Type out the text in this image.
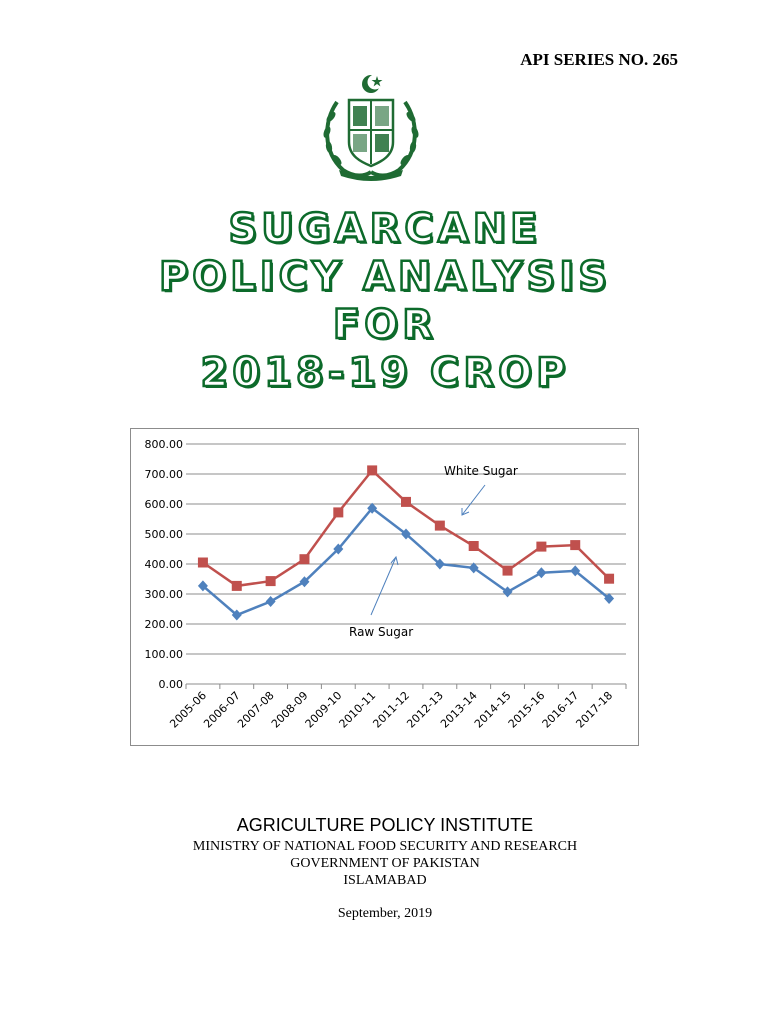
API SERIES NO. 265
SUGARCANE
POLICY ANALYSIS
FOR
2018-19 CROP
0.00
100.00
200.00
300.00
400.00
500.00
600.00
700.00
800.00
2005-06
2006-07
2007-08
2008-09
2009-10
2010-11
2011-12
2012-13
2013-14
2014-15
2015-16
2016-17
2017-18
White Sugar
Raw Sugar
AGRICULTURE POLICY INSTITUTE
MINISTRY OF NATIONAL FOOD SECURITY AND RESEARCH
GOVERNMENT OF PAKISTAN
ISLAMABAD
September, 2019
